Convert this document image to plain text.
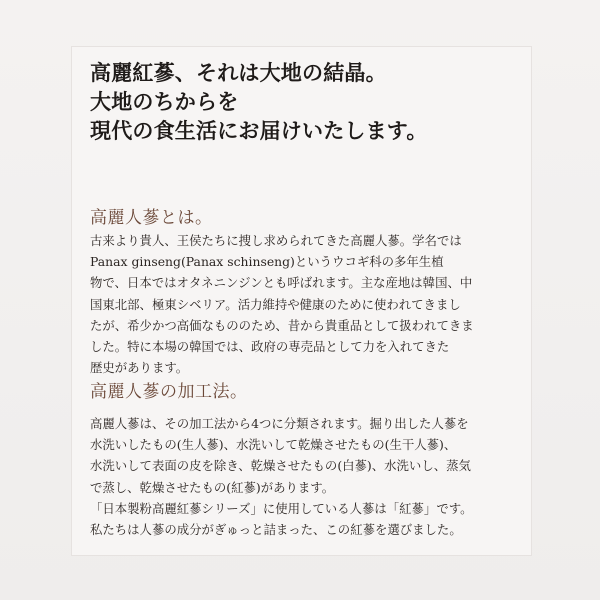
高麗紅蔘、それは大地の結晶。
大地のちからを
現代の食生活にお届けいたします。
高麗人蔘とは。
古来より貴人、王侯たちに捜し求められてきた高麗人蔘。学名では
Panax ginseng(Panax schinseng)というウコギ科の多年生植
物で、日本ではオタネニンジンとも呼ばれます。主な産地は韓国、中
国東北部、極東シベリア。活力維持や健康のために使われてきまし
たが、希少かつ高価なもののため、昔から貴重品として扱われてきま
した。特に本場の韓国では、政府の専売品として力を入れてきた
歴史があります。
高麗人蔘の加工法。
高麗人蔘は、その加工法から4つに分類されます。掘り出した人蔘を
水洗いしたもの(生人蔘)、水洗いして乾燥させたもの(生干人蔘)、
水洗いして表面の皮を除き、乾燥させたもの(白蔘)、水洗いし、蒸気
で蒸し、乾燥させたもの(紅蔘)があります。
「日本製粉高麗紅蔘シリーズ」に使用している人蔘は「紅蔘」です。
私たちは人蔘の成分がぎゅっと詰まった、この紅蔘を選びました。
